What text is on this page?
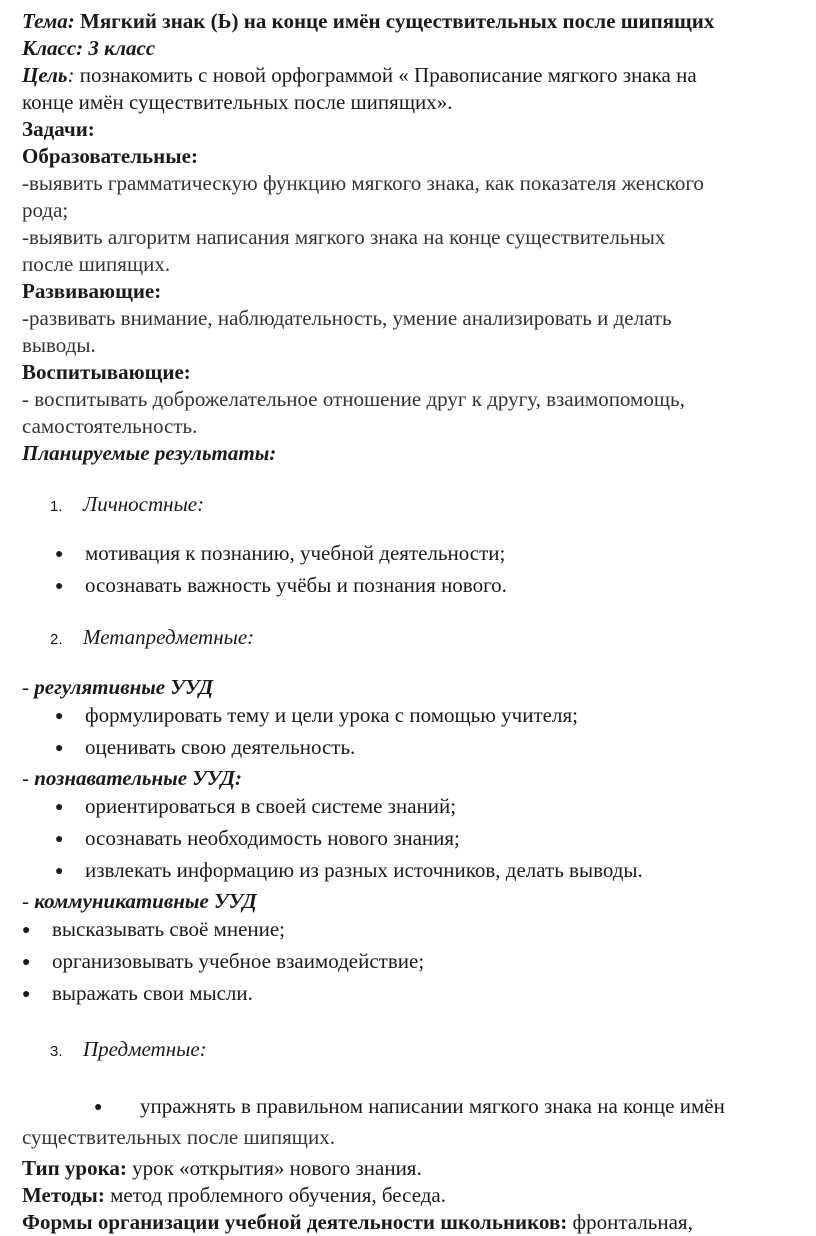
Тема: Мягкий знак (Ь) на конце имён существительных после шипящих

Класс: 3 класс

Цель: познакомить с новой орфограммой « Правописание мягкого знака на

конце имён существительных после шипящих».

Задачи:

Образовательные:

-выявить грамматическую функцию мягкого знака, как показателя женского

рода;

-выявить алгоритм написания мягкого знака на конце существительных

после шипящих.

Развивающие:

-развивать внимание, наблюдательность, умение анализировать и делать

выводы.

Воспитывающие:

- воспитывать доброжелательное отношение друг к другу, взаимопомощь,

самостоятельность.

Планируемые результаты:

1. Личностные:
●	мотивация к познанию, учебной деятельности;
●	осознавать важность учёбы и познания нового.
2. Метапредметные:

- регулятивные УУД

●	формулировать тему и цели урока с помощью учителя;
●	оценивать свою деятельность.

- познавательные УУД:

●	ориентироваться в своей системе знаний;
●	осознавать необходимость нового знания;
●	извлекать информацию из разных источников, делать выводы.

- коммуникативные УУД

●	высказывать своё мнение;
●	организовывать учебное взаимодействие;
●	выражать свои мысли.
3. Предметные:
●	упражнять в правильном написании мягкого знака на конце имён

существительных после шипящих.

Тип урока: урок «открытия» нового знания.

Методы: метод проблемного обучения, беседа.

Формы организации учебной деятельности школьников: фронтальная,
